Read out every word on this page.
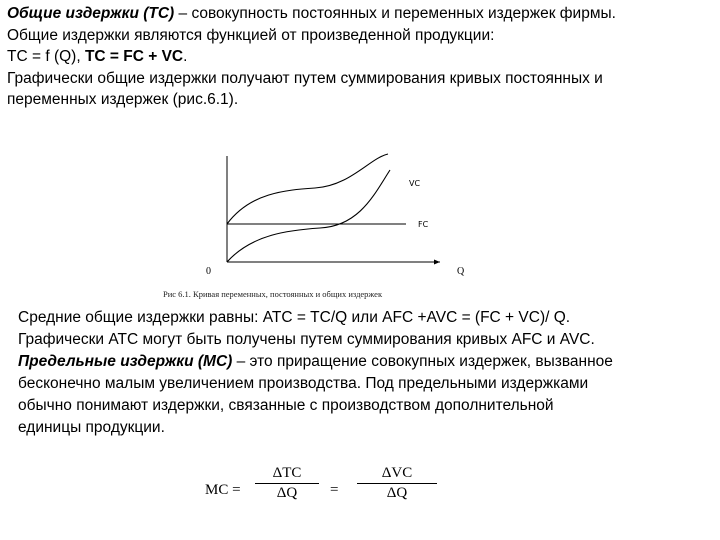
Общие издержки (ТС) – совокупность постоянных и переменных издержек фирмы.
Общие издержки являются функцией от произведенной продукции:
ТС = f (Q), TC = FC + VC.
Графически общие издержки получают путем суммирования кривых постоянных и
переменных издержек (рис.6.1).
VC
FC
0	Q
Рис 6.1. Кривая переменных, постоянных и общих издержек
Средние общие издержки равны: АТС = ТС/Q или AFC +AVC = (FC + VC)/ Q.
Графически АТС могут быть получены путем суммирования кривых AFC и AVC.
Предельные издержки (МС) – это приращение совокупных издержек, вызванное
бесконечно малым увеличением производства. Под предельными издержками
обычно понимают издержки, связанные с производством дополнительной
единицы продукции.
MC =
ΔТС
ΔQ	=
ΔVC
ΔQ
